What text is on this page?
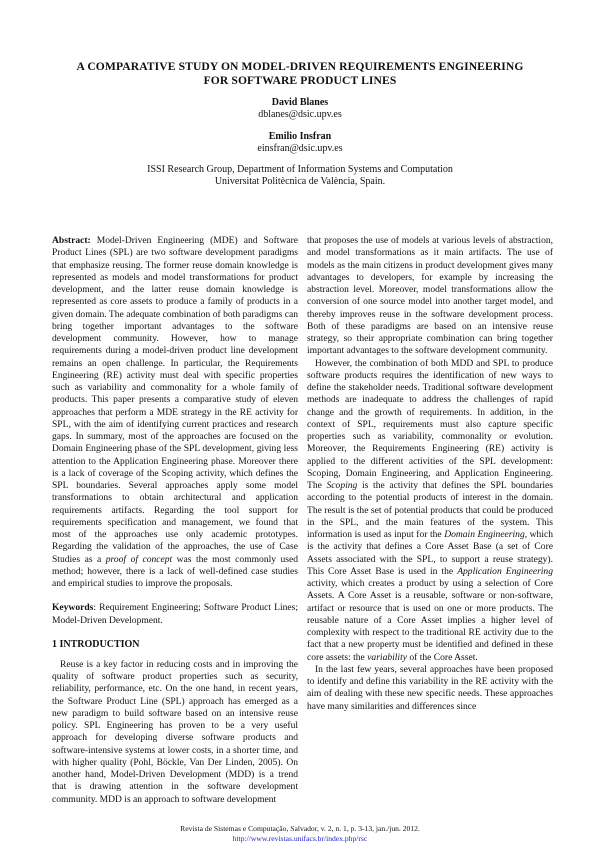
A COMPARATIVE STUDY ON MODEL-DRIVEN REQUIREMENTS ENGINEERING
FOR SOFTWARE PRODUCT LINES
David Blanes
dblanes@dsic.upv.es
Emilio Insfran
einsfran@dsic.upv.es
ISSI Research Group, Department of Information Systems and Computation
Universitat Politècnica de València, Spain.

Abstract: Model-Driven Engineering (MDE) and Software Product Lines (SPL) are two software development paradigms that emphasize reusing. The former reuse domain knowledge is represented as models and model transformations for product development, and the latter reuse domain knowledge is represented as core assets to produce a family of products in a given domain. The adequate combination of both paradigms can bring together important advantages to the software development community. However, how to manage requirements during a model-driven product line development remains an open challenge. In particular, the Requirements Engineering (RE) activity must deal with specific properties such as variability and commonality for a whole family of products. This paper presents a comparative study of eleven approaches that perform a MDE strategy in the RE activity for SPL, with the aim of identifying current practices and research gaps. In summary, most of the approaches are focused on the Domain Engineering phase of the SPL development, giving less attention to the Application Engineering phase. Moreover there is a lack of coverage of the Scoping activity, which defines the SPL boundaries. Several approaches apply some model transformations to obtain architectural and application requirements artifacts. Regarding the tool support for requirements specification and management, we found that most of the approaches use only academic prototypes. Regarding the validation of the approaches, the use of Case Studies as a proof of concept was the most commonly used method; however, there is a lack of well-defined case studies and empirical studies to improve the proposals.

Keywords: Requirement Engineering; Software Product Lines; Model-Driven Development.

1 INTRODUCTION

Reuse is a key factor in reducing costs and in improving the quality of software product properties such as security, reliability, performance, etc. On the one hand, in recent years, the Software Product Line (SPL) approach has emerged as a new paradigm to build software based on an intensive reuse policy. SPL Engineering has proven to be a very useful approach for developing diverse software products and software-intensive systems at lower costs, in a shorter time, and with higher quality (Pohl, Böckle, Van Der Linden, 2005). On another hand, Model-Driven Development (MDD) is a trend that is drawing attention in the software development community. MDD is an approach to software development

that proposes the use of models at various levels of abstraction, and model transformations as it main artifacts. The use of models as the main citizens in product development gives many advantages to developers, for example by increasing the abstraction level. Moreover, model transformations allow the conversion of one source model into another target model, and thereby improves reuse in the software development process. Both of these paradigms are based on an intensive reuse strategy, so their appropriate combination can bring together important advantages to the software development community.

However, the combination of both MDD and SPL to produce software products requires the identification of new ways to define the stakeholder needs. Traditional software development methods are inadequate to address the challenges of rapid change and the growth of requirements. In addition, in the context of SPL, requirements must also capture specific properties such as variability, commonality or evolution. Moreover, the Requirements Engineering (RE) activity is applied to the different activities of the SPL development: Scoping, Domain Engineering, and Application Engineering. The Scoping is the activity that defines the SPL boundaries according to the potential products of interest in the domain. The result is the set of potential products that could be produced in the SPL, and the main features of the system. This information is used as input for the Domain Engineering, which is the activity that defines a Core Asset Base (a set of Core Assets associated with the SPL, to support a reuse strategy). This Core Asset Base is used in the Application Engineering activity, which creates a product by using a selection of Core Assets. A Core Asset is a reusable, software or non-software, artifact or resource that is used on one or more products. The reusable nature of a Core Asset implies a higher level of complexity with respect to the traditional RE activity due to the fact that a new property must be identified and defined in these core assets: the variability of the Core Asset.

In the last few years, several approaches have been proposed to identify and define this variability in the RE activity with the aim of dealing with these new specific needs. These approaches have many similarities and differences since

Revista de Sistemas e Computação, Salvador, v. 2, n. 1, p. 3-13, jan./jun. 2012.
http://www.revistas.unifacs.br/index.php/rsc
